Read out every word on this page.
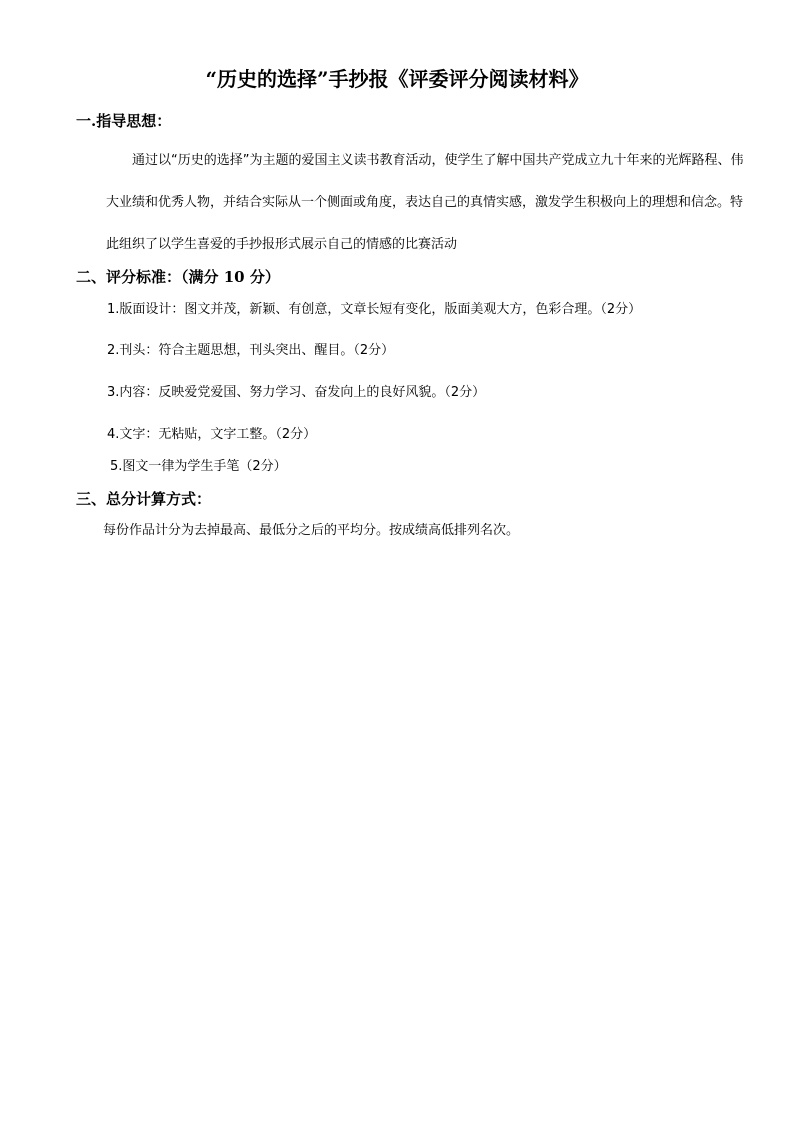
“历史的选择”手抄报《评委评分阅读材料》
一.指导思想：

通过以“历史的选择”为主题的爱国主义读书教育活动，使学生了解中国共产党成立九十年来的光辉路程、伟大业绩和优秀人物，并结合实际从一个侧面或角度，表达自己的真情实感，激发学生积极向上的理想和信念。特此组织了以学生喜爱的手抄报形式展示自己的情感的比赛活动

二、评分标准：（满分 10 分）
1.版面设计：图文并茂，新颖、有创意，文章长短有变化，版面美观大方，色彩合理。（2分）
2.刊头：符合主题思想，刊头突出、醒目。（2分）
3.内容：反映爱党爱国、努力学习、奋发向上的良好风貌。（2分）
4.文字：无粘贴，文字工整。（2分）
5.图文一律为学生手笔（2分）
三、总分计算方式：
每份作品计分为去掉最高、最低分之后的平均分。按成绩高低排列名次。
